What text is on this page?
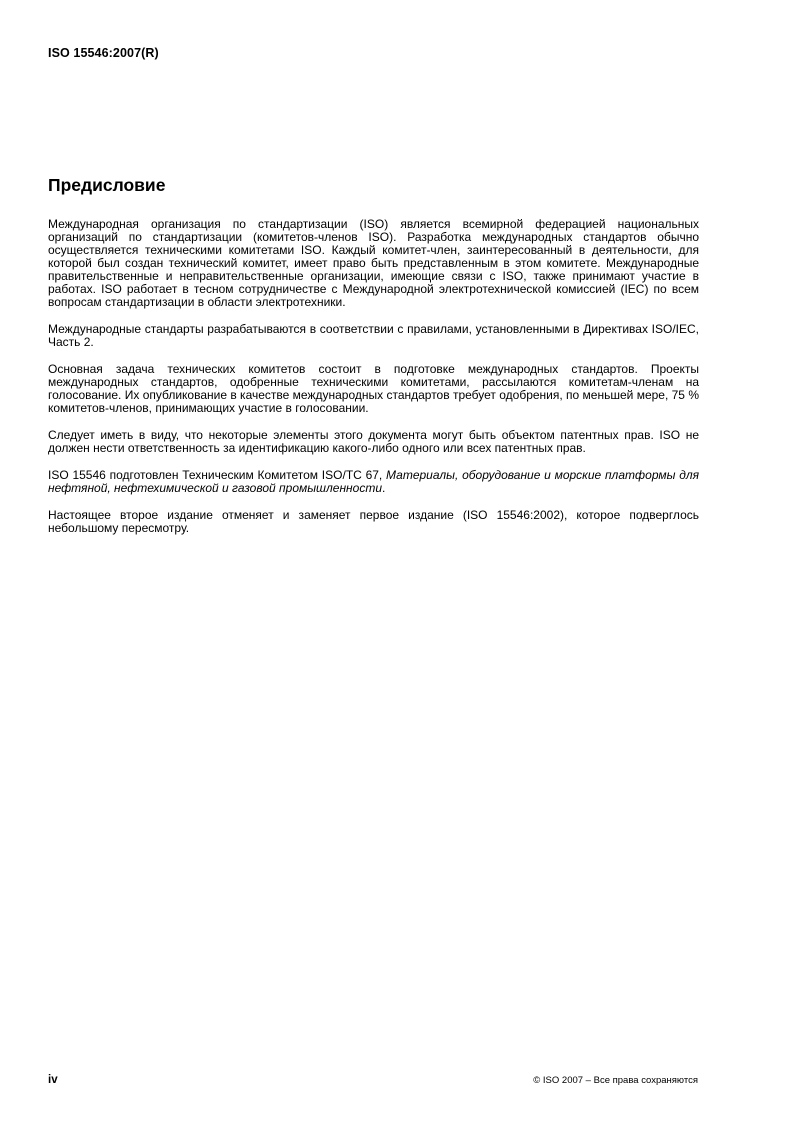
ISO 15546:2007(R)
Предисловие

Международная организация по стандартизации (ISO) является всемирной федерацией национальных организаций по стандартизации (комитетов-членов ISO). Разработка международных стандартов обычно осуществляется техническими комитетами ISO. Каждый комитет-член, заинтересованный в деятельности, для которой был создан технический комитет, имеет право быть представленным в этом комитете. Международные правительственные и неправительственные организации, имеющие связи с ISO, также принимают участие в работах. ISO работает в тесном сотрудничестве с Международной электротехнической комиссией (IEC) по всем вопросам стандартизации в области электротехники.

Международные стандарты разрабатываются в соответствии с правилами, установленными в Директивах ISO/IEC, Часть 2.

Основная задача технических комитетов состоит в подготовке международных стандартов. Проекты международных стандартов, одобренные техническими комитетами, рассылаются комитетам-членам на голосование. Их опубликование в качестве международных стандартов требует одобрения, по меньшей мере, 75 % комитетов-членов, принимающих участие в голосовании.

Следует иметь в виду, что некоторые элементы этого документа могут быть объектом патентных прав. ISO не должен нести ответственность за идентификацию какого-либо одного или всех патентных прав.

ISO 15546 подготовлен Техническим Комитетом ISO/TC 67, Материалы, оборудование и морские платформы для нефтяной, нефтехимической и газовой промышленности.

Настоящее второе издание отменяет и заменяет первое издание (ISO 15546:2002), которое подверглось небольшому пересмотру.

iv	© ISO 2007 – Все права сохраняются
